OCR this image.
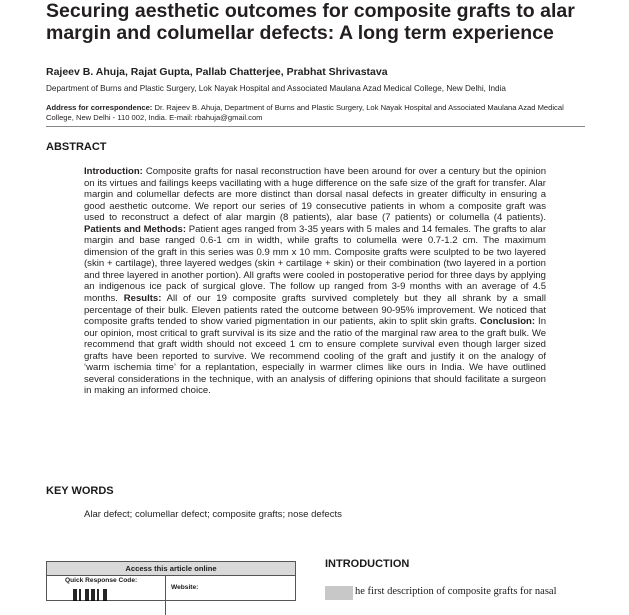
Securing aesthetic outcomes for composite grafts to alar margin and columellar defects: A long term experience
Rajeev B. Ahuja, Rajat Gupta, Pallab Chatterjee, Prabhat Shrivastava
Department of Burns and Plastic Surgery, Lok Nayak Hospital and Associated Maulana Azad Medical College, New Delhi, India
Address for correspondence: Dr. Rajeev B. Ahuja, Department of Burns and Plastic Surgery, Lok Nayak Hospital and Associated Maulana Azad Medical College, New Delhi - 110 002, India. E-mail: rbahuja@gmail.com
ABSTRACT
Introduction: Composite grafts for nasal reconstruction have been around for over a century but the opinion on its virtues and failings keeps vacillating with a huge difference on the safe size of the graft for transfer. Alar margin and columellar defects are more distinct than dorsal nasal defects in greater difficulty in ensuring a good aesthetic outcome. We report our series of 19 consecutive patients in whom a composite graft was used to reconstruct a defect of alar margin (8 patients), alar base (7 patients) or columella (4 patients). Patients and Methods: Patient ages ranged from 3-35 years with 5 males and 14 females. The grafts to alar margin and base ranged 0.6-1 cm in width, while grafts to columella were 0.7-1.2 cm. The maximum dimension of the graft in this series was 0.9 mm x 10 mm. Composite grafts were sculpted to be two layered (skin + cartilage), three layered wedges (skin + cartilage + skin) or their combination (two layered in a portion and three layered in another portion). All grafts were cooled in postoperative period for three days by applying an indigenous ice pack of surgical glove. The follow up ranged from 3-9 months with an average of 4.5 months. Results: All of our 19 composite grafts survived completely but they all shrank by a small percentage of their bulk. Eleven patients rated the outcome between 90-95% improvement. We noticed that composite grafts tended to show varied pigmentation in our patients, akin to split skin grafts. Conclusion: In our opinion, most critical to graft survival is its size and the ratio of the marginal raw area to the graft bulk. We recommend that graft width should not exceed 1 cm to ensure complete survival even though larger sized grafts have been reported to survive. We recommend cooling of the graft and justify it on the analogy of ‘warm ischemia time’ for a replantation, especially in warmer climes like ours in India. We have outlined several considerations in the technique, with an analysis of differing opinions that should facilitate a surgeon in making an informed choice.
KEY WORDS
Alar defect; columellar defect; composite grafts; nose defects
Access this article online
Quick Response Code:
Website:
INTRODUCTION
he first description of composite grafts for nasal
